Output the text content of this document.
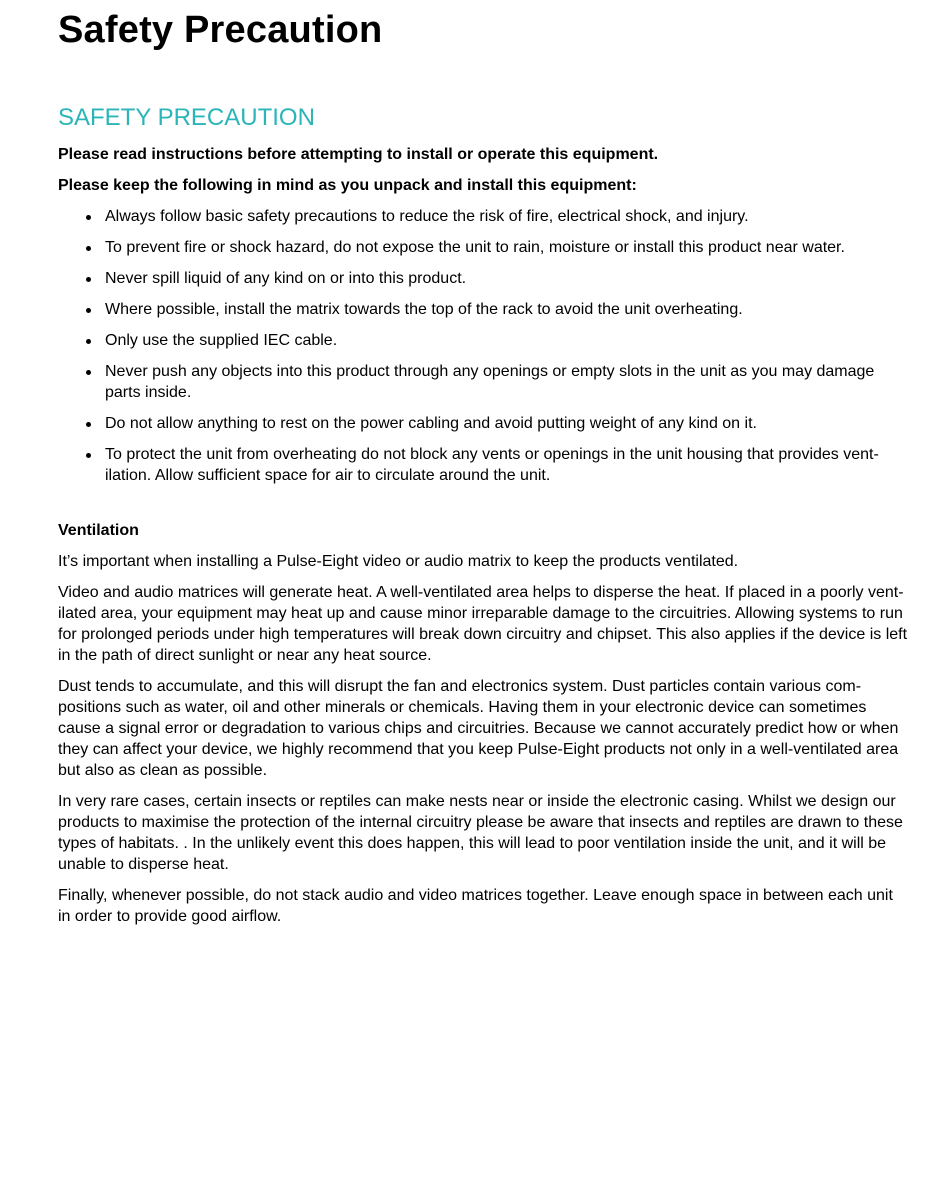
Safety Precaution
SAFETY PRECAUTION

Please read instructions before attempting to install or operate this equipment.

Please keep the following in mind as you unpack and install this equipment:

Always follow basic safety precautions to reduce the risk of fire, electrical shock, and injury.
To prevent fire or shock hazard, do not expose the unit to rain, moisture or install this product near water.
Never spill liquid of any kind on or into this product.
Where possible, install the matrix towards the top of the rack to avoid the unit overheating.
Only use the supplied IEC cable.
Never push any objects into this product through any openings or empty slots in the unit as you may damage parts inside.
Do not allow anything to rest on the power cabling and avoid putting weight of any kind on it.
To protect the unit from overheating do not block any vents or openings in the unit housing that provides vent-ilation. Allow sufficient space for air to circulate around the unit.
Ventilation

It’s important when installing a Pulse-Eight video or audio matrix to keep the products ventilated.

Video and audio matrices will generate heat. A well-ventilated area helps to disperse the heat. If placed in a poorly vent-ilated area, your equipment may heat up and cause minor irreparable damage to the circuitries. Allowing systems to run for prolonged periods under high temperatures will break down circuitry and chipset. This also applies if the device is left in the path of direct sunlight or near any heat source.

Dust tends to accumulate, and this will disrupt the fan and electronics system. Dust particles contain various com-positions such as water, oil and other minerals or chemicals. Having them in your electronic device can sometimes cause a signal error or degradation to various chips and circuitries. Because we cannot accurately predict how or when they can affect your device, we highly recommend that you keep Pulse-Eight products not only in a well-ventilated area but also as clean as possible.

In very rare cases, certain insects or reptiles can make nests near or inside the electronic casing. Whilst we design our products to maximise the protection of the internal circuitry please be aware that insects and reptiles are drawn to these types of habitats. . In the unlikely event this does happen, this will lead to poor ventilation inside the unit, and it will be unable to disperse heat.

Finally, whenever possible, do not stack audio and video matrices together. Leave enough space in between each unit in order to provide good airflow.
